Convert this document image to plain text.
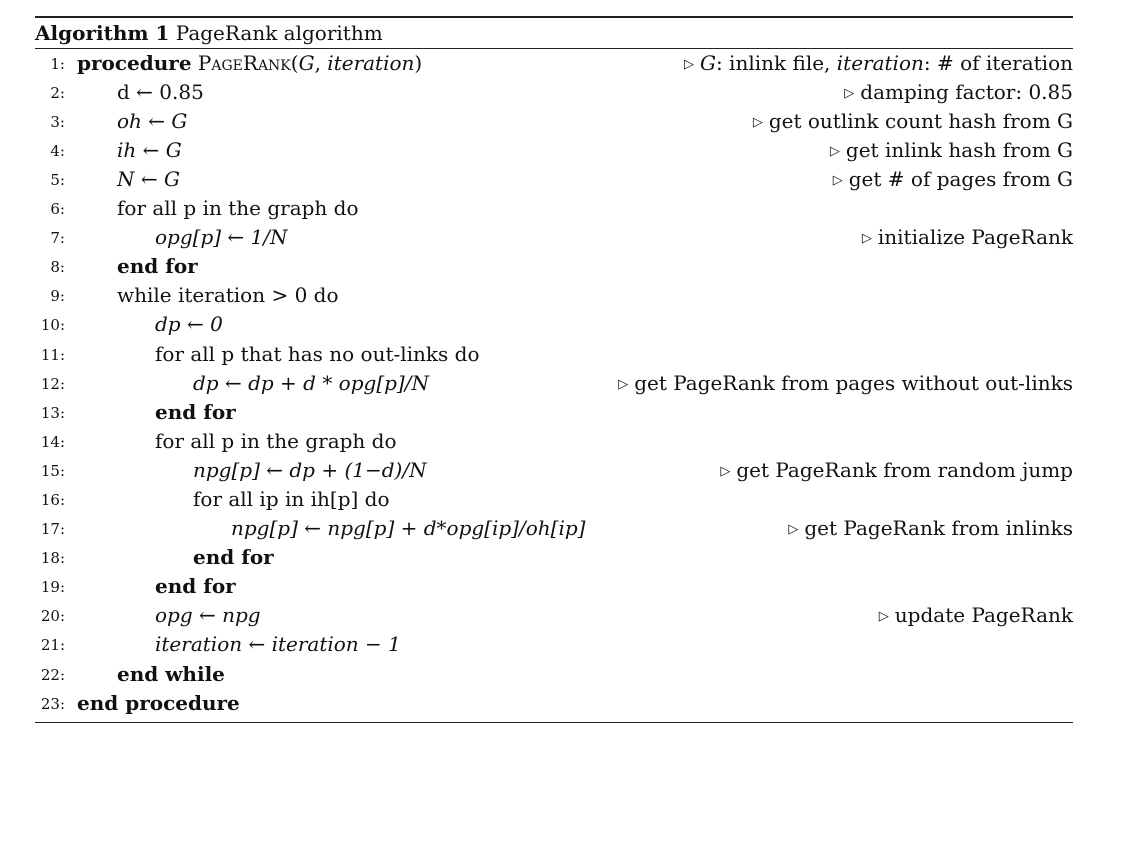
Algorithm 1 PageRank algorithm
1: procedure PageRank(G, iteration)	▷ G: inlink file, iteration: # of iteration
2:	d ← 0.85	▷ damping factor: 0.85
3:	oh ← G	▷ get outlink count hash from G
4:	ih ← G	▷ get inlink hash from G
5:	N ← G	▷ get # of pages from G
6:	for all p in the graph do
7:	opg[p] ← 1/N	▷ initialize PageRank
8:	end for
9:	while iteration > 0 do
10:	dp ← 0
11:	for all p that has no out-links do
12:	dp ← dp + d * opg[p]/N	▷ get PageRank from pages without out-links
13:	end for
14:	for all p in the graph do
15:	npg[p] ← dp + (1−d)/N	▷ get PageRank from random jump
16:	for all ip in ih[p] do
17:	npg[p] ← npg[p] + d*opg[ip]/oh[ip]	▷ get PageRank from inlinks
18:	end for
19:	end for
20:	opg ← npg	▷ update PageRank
21:	iteration ← iteration − 1
22:	end while
23: end procedure
